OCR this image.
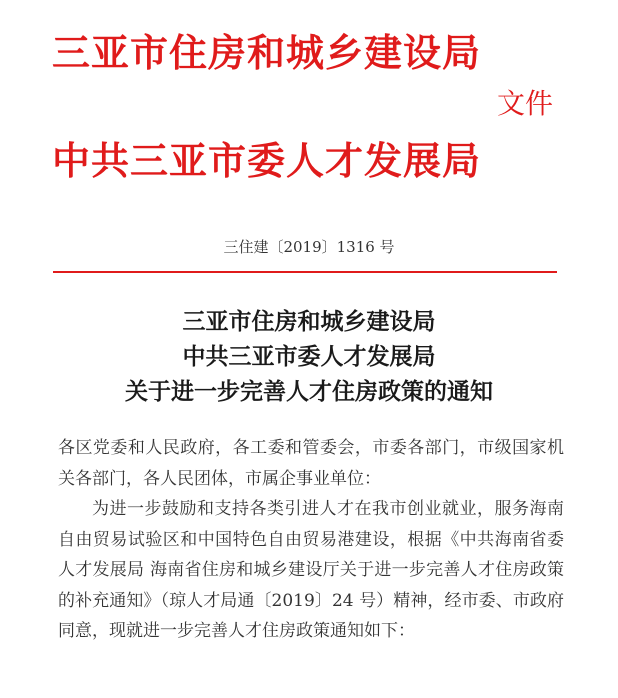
三亚市住房和城乡建设局
文件
中共三亚市委人才发展局
三住建〔2019〕1316 号
三亚市住房和城乡建设局
中共三亚市委人才发展局
关于进一步完善人才住房政策的通知

各区党委和人民政府，各工委和管委会，市委各部门，市级国家机关各部门，各人民团体，市属企事业单位：

为进一步鼓励和支持各类引进人才在我市创业就业，服务海南自由贸易试验区和中国特色自由贸易港建设，根据《中共海南省委人才发展局 海南省住房和城乡建设厅关于进一步完善人才住房政策的补充通知》（琼人才局通〔2019〕24 号）精神，经市委、市政府同意，现就进一步完善人才住房政策通知如下：
